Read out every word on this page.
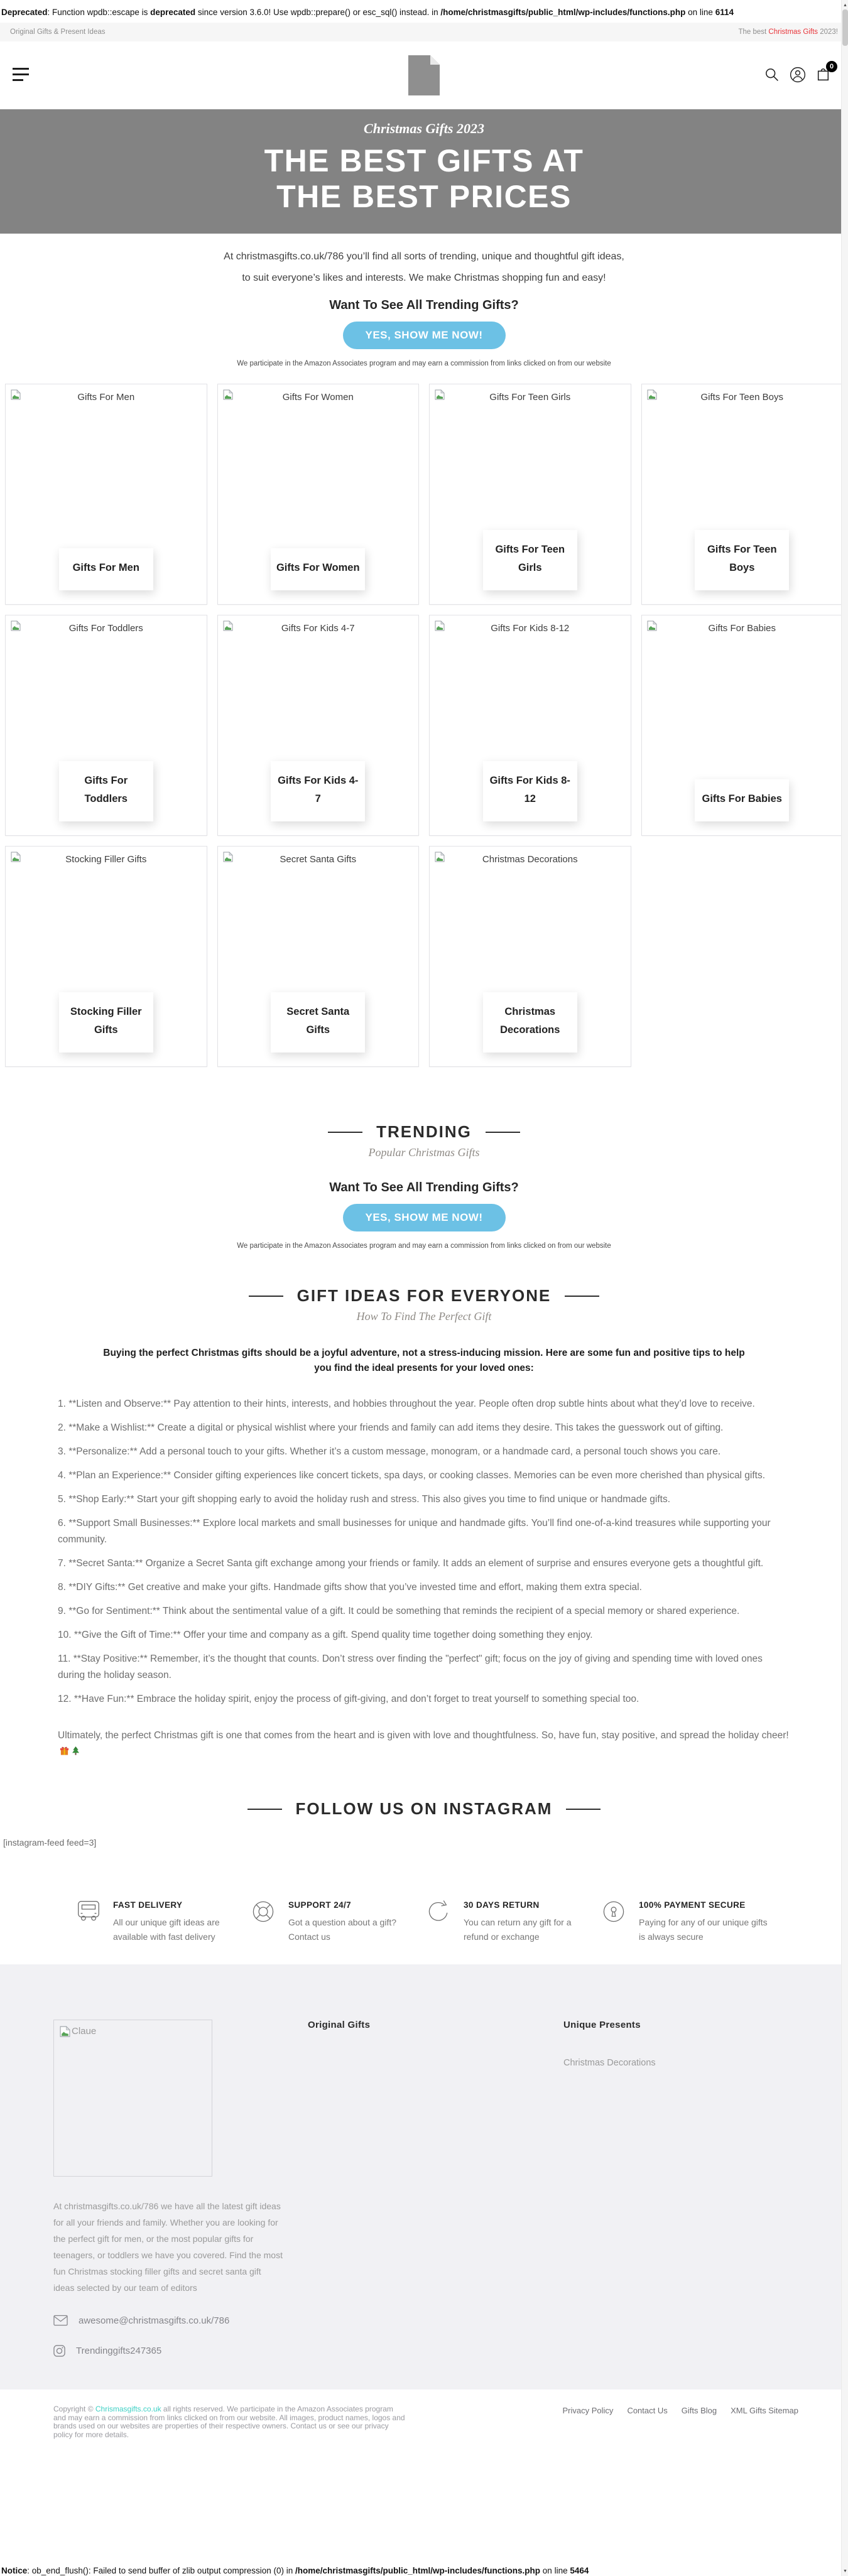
Deprecated: Function wpdb::escape is deprecated since version 3.6.0! Use wpdb::prepare() or esc_sql() instead. in /home/christmasgifts/public_html/wp-includes/functions.php on line 6114
Original Gifts & Present Ideas	The best Christmas Gifts 2023!
0
Christmas Gifts 2023
THE BEST GIFTS AT
THE BEST PRICES

At christmasgifts.co.uk/786 you’ll find all sorts of trending, unique and thoughtful gift ideas,

to suit everyone’s likes and interests. We make Christmas shopping fun and easy!

Want To See All Trending Gifts?
YES, SHOW ME NOW!
We participate in the Amazon Associates program and may earn a commission from links clicked on from our website
Gifts For Men
Gifts For Men
Gifts For Women
Gifts For Women
Gifts For Teen Girls
Gifts For Teen Girls
Gifts For Teen Boys
Gifts For Teen Boys
Gifts For Toddlers
Gifts For Toddlers
Gifts For Kids 4-7
Gifts For Kids 4-7
Gifts For Kids 8-12
Gifts For Kids 8-12
Gifts For Babies
Gifts For Babies
Stocking Filler Gifts
Stocking Filler Gifts
Secret Santa Gifts
Secret Santa Gifts
Christmas Decorations
Christmas Decorations
TRENDING
Popular Christmas Gifts
Want To See All Trending Gifts?
YES, SHOW ME NOW!
We participate in the Amazon Associates program and may earn a commission from links clicked on from our website
GIFT IDEAS FOR EVERYONE
How To Find The Perfect Gift

Buying the perfect Christmas gifts should be a joyful adventure, not a stress-inducing mission. Here are some fun and positive tips to help you find the ideal presents for your loved ones:

1. **Listen and Observe:** Pay attention to their hints, interests, and hobbies throughout the year. People often drop subtle hints about what they’d love to receive.
2. **Make a Wishlist:** Create a digital or physical wishlist where your friends and family can add items they desire. This takes the guesswork out of gifting.
3. **Personalize:** Add a personal touch to your gifts. Whether it’s a custom message, monogram, or a handmade card, a personal touch shows you care.
4. **Plan an Experience:** Consider gifting experiences like concert tickets, spa days, or cooking classes. Memories can be even more cherished than physical gifts.
5. **Shop Early:** Start your gift shopping early to avoid the holiday rush and stress. This also gives you time to find unique or handmade gifts.
6. **Support Small Businesses:** Explore local markets and small businesses for unique and handmade gifts. You’ll find one-of-a-kind treasures while supporting your community.
7. **Secret Santa:** Organize a Secret Santa gift exchange among your friends or family. It adds an element of surprise and ensures everyone gets a thoughtful gift.
8. **DIY Gifts:** Get creative and make your gifts. Handmade gifts show that you’ve invested time and effort, making them extra special.
9. **Go for Sentiment:** Think about the sentimental value of a gift. It could be something that reminds the recipient of a special memory or shared experience.
10. **Give the Gift of Time:** Offer your time and company as a gift. Spend quality time together doing something they enjoy.
11. **Stay Positive:** Remember, it’s the thought that counts. Don’t stress over finding the "perfect" gift; focus on the joy of giving and spending time with loved ones during the holiday season.
12. **Have Fun:** Embrace the holiday spirit, enjoy the process of gift-giving, and don’t forget to treat yourself to something special too.

Ultimately, the perfect Christmas gift is one that comes from the heart and is given with love and thoughtfulness. So, have fun, stay positive, and spread the holiday cheer!

FOLLOW US ON INSTAGRAM
[instagram-feed feed=3]
FAST DELIVERY
All our unique gift ideas are available with fast delivery
SUPPORT 24/7
Got a question about a gift? Contact us
30 DAYS RETURN
You can return any gift for a refund or exchange
100% PAYMENT SECURE
Paying for any of our unique gifts is always secure
Claue

At christmasgifts.co.uk/786 we have all the latest gift ideas for all your friends and family. Whether you are looking for the perfect gift for men, or the most popular gifts for teenagers, or toddlers we have you covered. Find the most fun Christmas stocking filler gifts and secret santa gift ideas selected by our team of editors

awesome@christmasgifts.co.uk/786
Trendinggifts247365
Original Gifts	Unique Presents
Christmas Decorations
Copyright © Chrismasgifts.co.uk all rights reserved. We participate in the Amazon Associates program and may earn a commission from links clicked on from our website. All images, product names, logos and brands used on our websites are properties of their respective owners. Contact us or see our privacy policy for more details.
Privacy Policy Contact Us Gifts Blog XML Gifts Sitemap
Notice: ob_end_flush(): Failed to send buffer of zlib output compression (0) in /home/christmasgifts/public_html/wp-includes/functions.php on line 5464
▲
▼
